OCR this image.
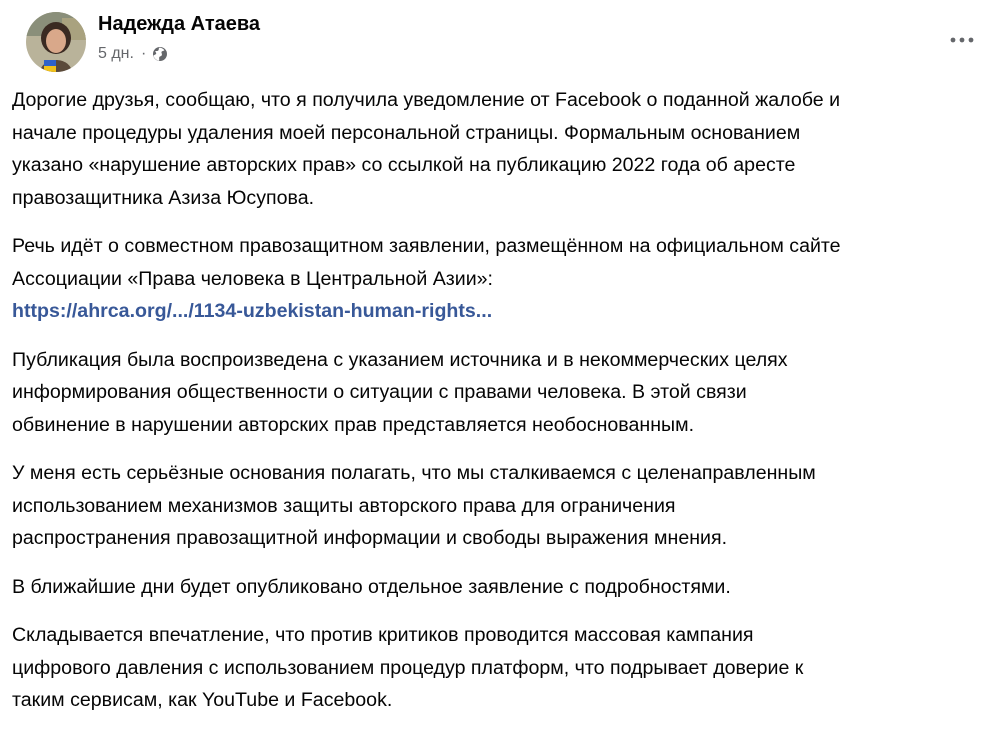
Надежда Атаева
5 дн. ·

Дорогие друзья, сообщаю, что я получила уведомление от Facebook о поданной жалобе и
начале процедуры удаления моей персональной страницы. Формальным основанием
указано «нарушение авторских прав» со ссылкой на публикацию 2022 года об аресте
правозащитника Азиза Юсупова.

Речь идёт о совместном правозащитном заявлении, размещённом на официальном сайте
Ассоциации «Права человека в Центральной Азии»:
https://ahrca.org/.../1134-uzbekistan-human-rights...

Публикация была воспроизведена с указанием источника и в некоммерческих целях
информирования общественности о ситуации с правами человека. В этой связи
обвинение в нарушении авторских прав представляется необоснованным.

У меня есть серьёзные основания полагать, что мы сталкиваемся с целенаправленным
использованием механизмов защиты авторского права для ограничения
распространения правозащитной информации и свободы выражения мнения.

В ближайшие дни будет опубликовано отдельное заявление с подробностями.

Складывается впечатление, что против критиков проводится массовая кампания
цифрового давления с использованием процедур платформ, что подрывает доверие к
таким сервисам, как YouTube и Facebook.
